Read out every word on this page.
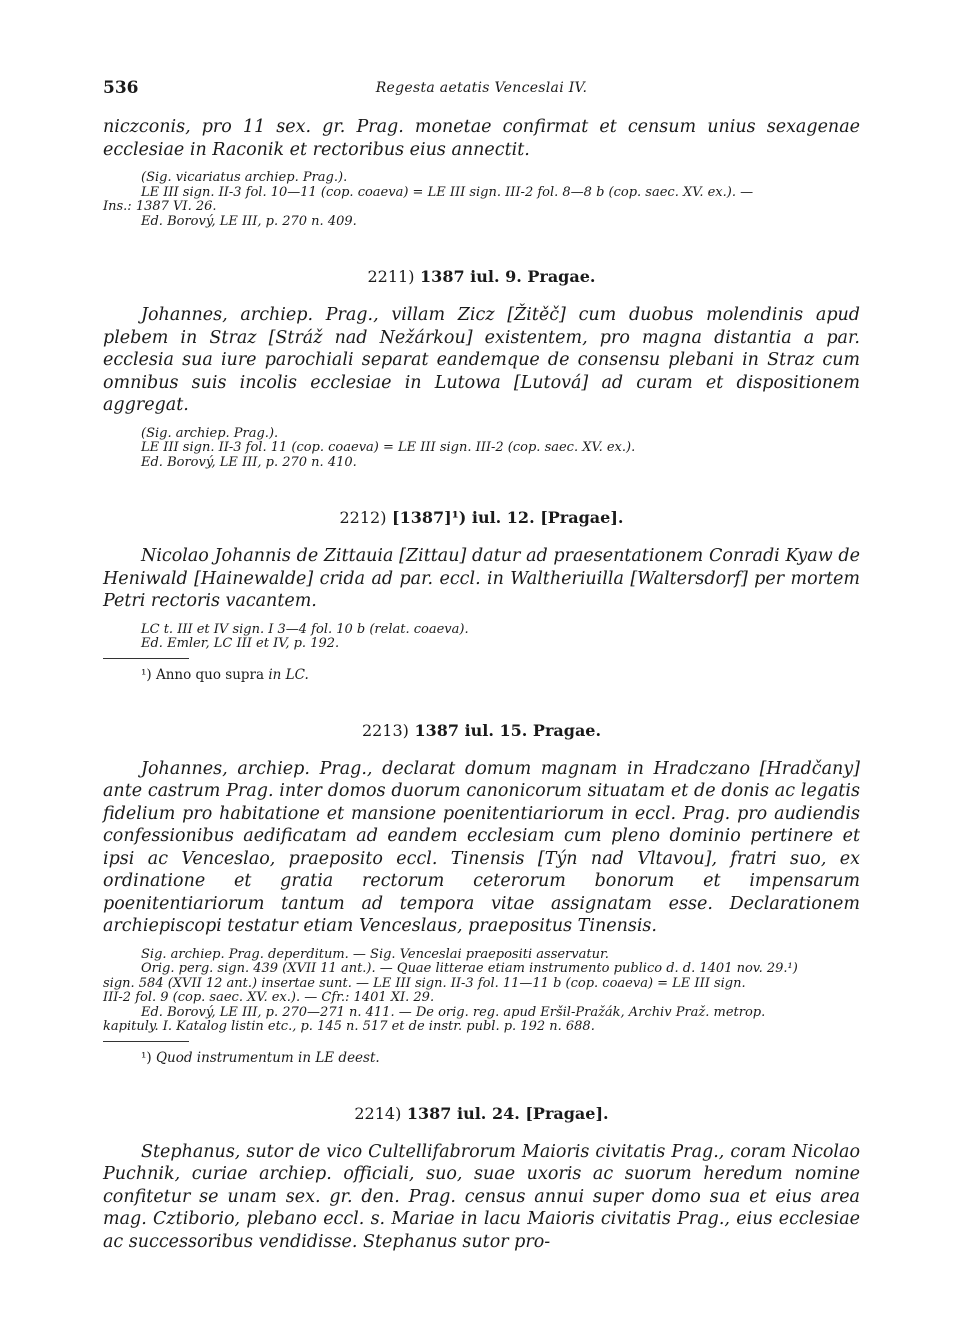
536	Regesta aetatis Venceslai IV.

niczconis, pro 11 sex. gr. Prag. monetae confirmat et censum unius sexagenae ecclesiae in Raconik et rectoribus eius annectit.

(Sig. vicariatus archiep. Prag.).
LE III sign. II-3 fol. 10—11 (cop. coaeva) = LE III sign. III-2 fol. 8—8 b (cop. saec. XV. ex.). —
Ins.: 1387 VI. 26.
Ed. Borový, LE III, p. 270 n. 409.
2211) 1387 iul. 9. Pragae.

Johannes, archiep. Prag., villam Zicz [Žitěč] cum duobus molendinis apud plebem in Straz [Stráž nad Nežárkou] existentem, pro magna distantia a par. ecclesia sua iure parochiali separat eandemque de consensu plebani in Straz cum omnibus suis incolis ecclesiae in Lutowa [Lutová] ad curam et dispositionem aggregat.

(Sig. archiep. Prag.).
LE III sign. II-3 fol. 11 (cop. coaeva) = LE III sign. III-2 (cop. saec. XV. ex.).
Ed. Borový, LE III, p. 270 n. 410.
2212) [1387]¹) iul. 12. [Pragae].

Nicolao Johannis de Zittauia [Zittau] datur ad praesentationem Conradi Kyaw de Heniwald [Hainewalde] crida ad par. eccl. in Waltheriuilla [Waltersdorf] per mortem Petri rectoris vacantem.

LC t. III et IV sign. I 3—4 fol. 10 b (relat. coaeva).
Ed. Emler, LC III et IV, p. 192.
¹) Anno quo supra in LC.
2213) 1387 iul. 15. Pragae.

Johannes, archiep. Prag., declarat domum magnam in Hradczano [Hradčany] ante castrum Prag. inter domos duorum canonicorum situatam et de donis ac legatis fidelium pro habitatione et mansione poenitentiariorum in eccl. Prag. pro audiendis confessionibus aedificatam ad eandem ecclesiam cum pleno dominio pertinere et ipsi ac Venceslao, praeposito eccl. Tinensis [Týn nad Vltavou], fratri suo, ex ordinatione et gratia rectorum ceterorum bonorum et impensarum poenitentiariorum tantum ad tempora vitae assignatam esse. Declarationem archiepiscopi testatur etiam Venceslaus, praepositus Tinensis.

Sig. archiep. Prag. deperditum. — Sig. Venceslai praepositi asservatur.
Orig. perg. sign. 439 (XVII 11 ant.). — Quae litterae etiam instrumento publico d. d. 1401 nov. 29.¹)
sign. 584 (XVII 12 ant.) insertae sunt. — LE III sign. II-3 fol. 11—11 b (cop. coaeva) = LE III sign.
III-2 fol. 9 (cop. saec. XV. ex.). — Cfr.: 1401 XI. 29.
Ed. Borový, LE III, p. 270—271 n. 411. — De orig. reg. apud Eršil-Pražák, Archiv Praž. metrop.
kapituly. I. Katalog listin etc., p. 145 n. 517 et de instr. publ. p. 192 n. 688.
¹) Quod instrumentum in LE deest.
2214) 1387 iul. 24. [Pragae].

Stephanus, sutor de vico Cultellifabrorum Maioris civitatis Prag., coram Nicolao Puchnik, curiae archiep. officiali, suo, suae uxoris ac suorum heredum nomine confitetur se unam sex. gr. den. Prag. census annui super domo sua et eius area mag. Cztiborio, plebano eccl. s. Mariae in lacu Maioris civitatis Prag., eius ecclesiae ac successoribus vendidisse. Stephanus sutor pro-
